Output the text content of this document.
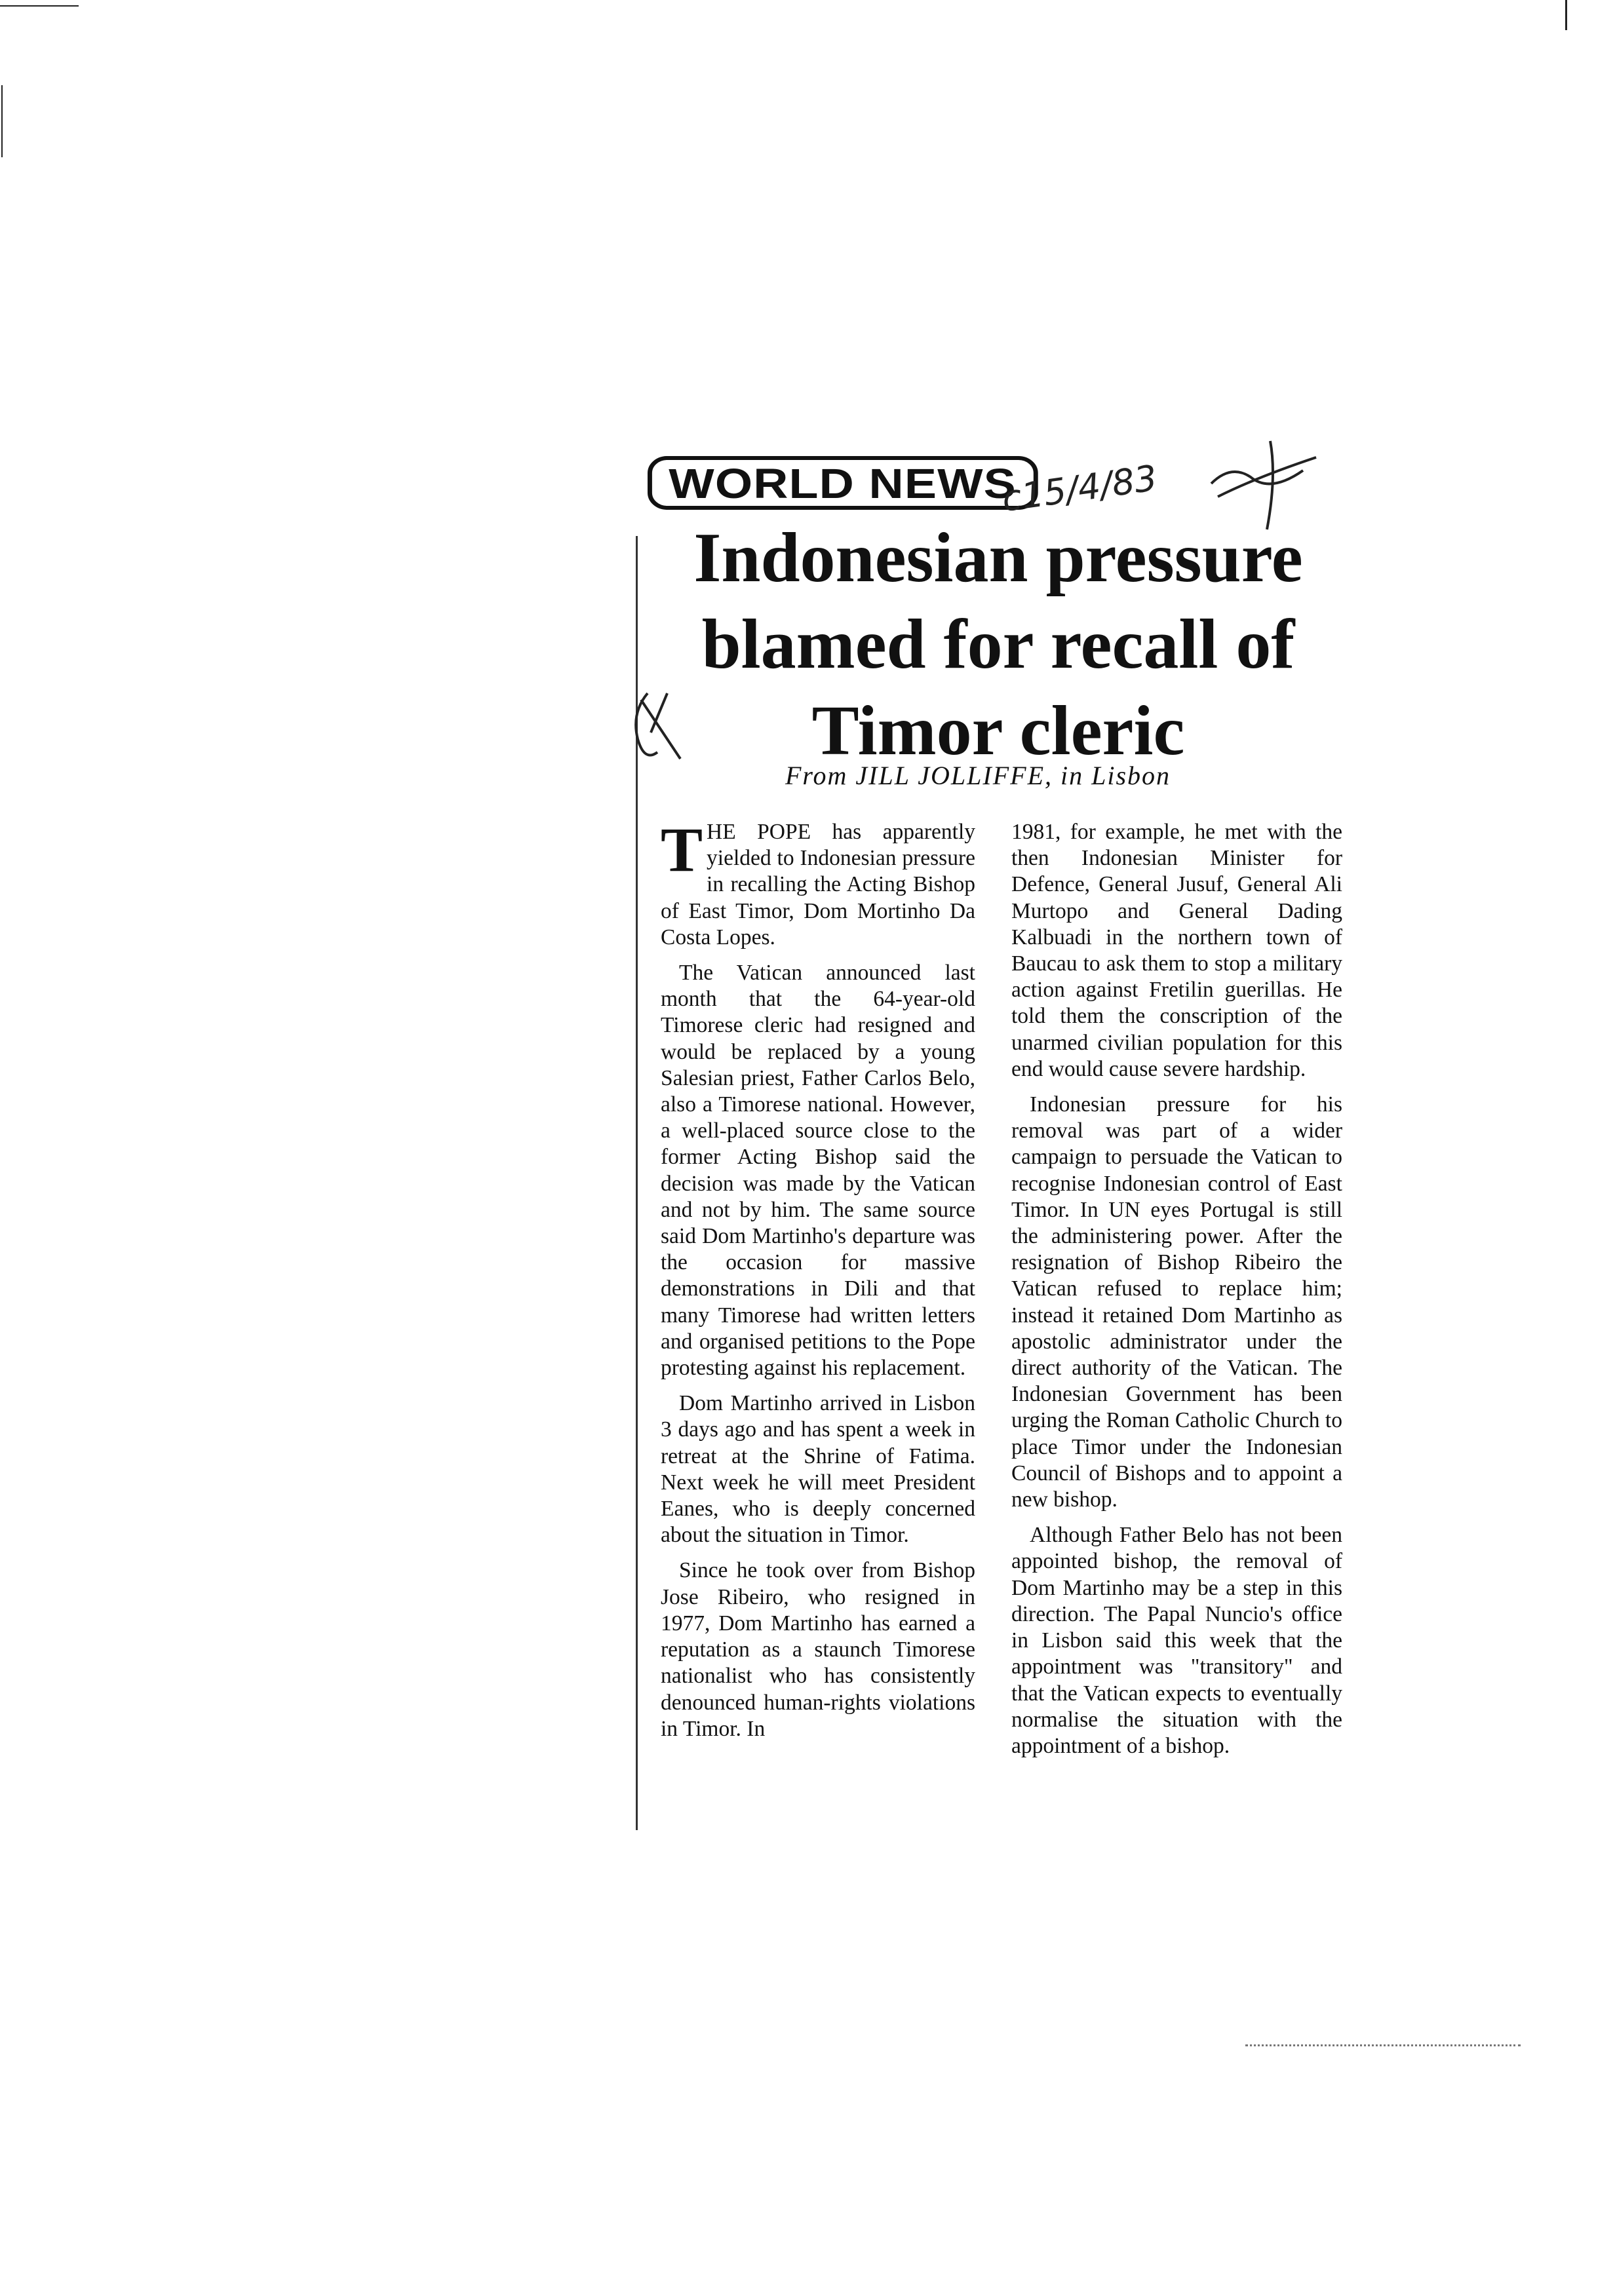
WORLD NEWS
c15/4/83
Indonesian pressure blamed for recall of Timor cleric
From JILL JOLLIFFE, in Lisbon

THE POPE has apparently yielded to Indonesian pressure in recalling the Acting Bishop of East Timor, Dom Mortinho Da Costa Lopes.

The Vatican announced last month that the 64-year-old Timorese cleric had resigned and would be replaced by a young Salesian priest, Father Carlos Belo, also a Timorese national. However, a well-placed source close to the former Acting Bishop said the decision was made by the Vatican and not by him. The same source said Dom Martinho's departure was the occasion for massive demonstrations in Dili and that many Timorese had written letters and organised petitions to the Pope protesting against his replacement.

Dom Martinho arrived in Lisbon 3 days ago and has spent a week in retreat at the Shrine of Fatima. Next week he will meet President Eanes, who is deeply concerned about the situation in Timor.

Since he took over from Bishop Jose Ribeiro, who resigned in 1977, Dom Martinho has earned a reputation as a staunch Timorese nationalist who has consistently denounced human-rights violations in Timor. In

1981, for example, he met with the then Indonesian Minister for Defence, General Jusuf, General Ali Murtopo and General Dading Kalbuadi in the northern town of Baucau to ask them to stop a military action against Fretilin guerillas. He told them the conscription of the unarmed civilian population for this end would cause severe hardship.

Indonesian pressure for his removal was part of a wider campaign to persuade the Vatican to recognise Indonesian control of East Timor. In UN eyes Portugal is still the administering power. After the resignation of Bishop Ribeiro the Vatican refused to replace him; instead it retained Dom Martinho as apostolic administrator under the direct authority of the Vatican. The Indonesian Government has been urging the Roman Catholic Church to place Timor under the Indonesian Council of Bishops and to appoint a new bishop.

Although Father Belo has not been appointed bishop, the removal of Dom Martinho may be a step in this direction. The Papal Nuncio's office in Lisbon said this week that the appointment was "transitory" and that the Vatican expects to eventually normalise the situation with the appointment of a bishop.
